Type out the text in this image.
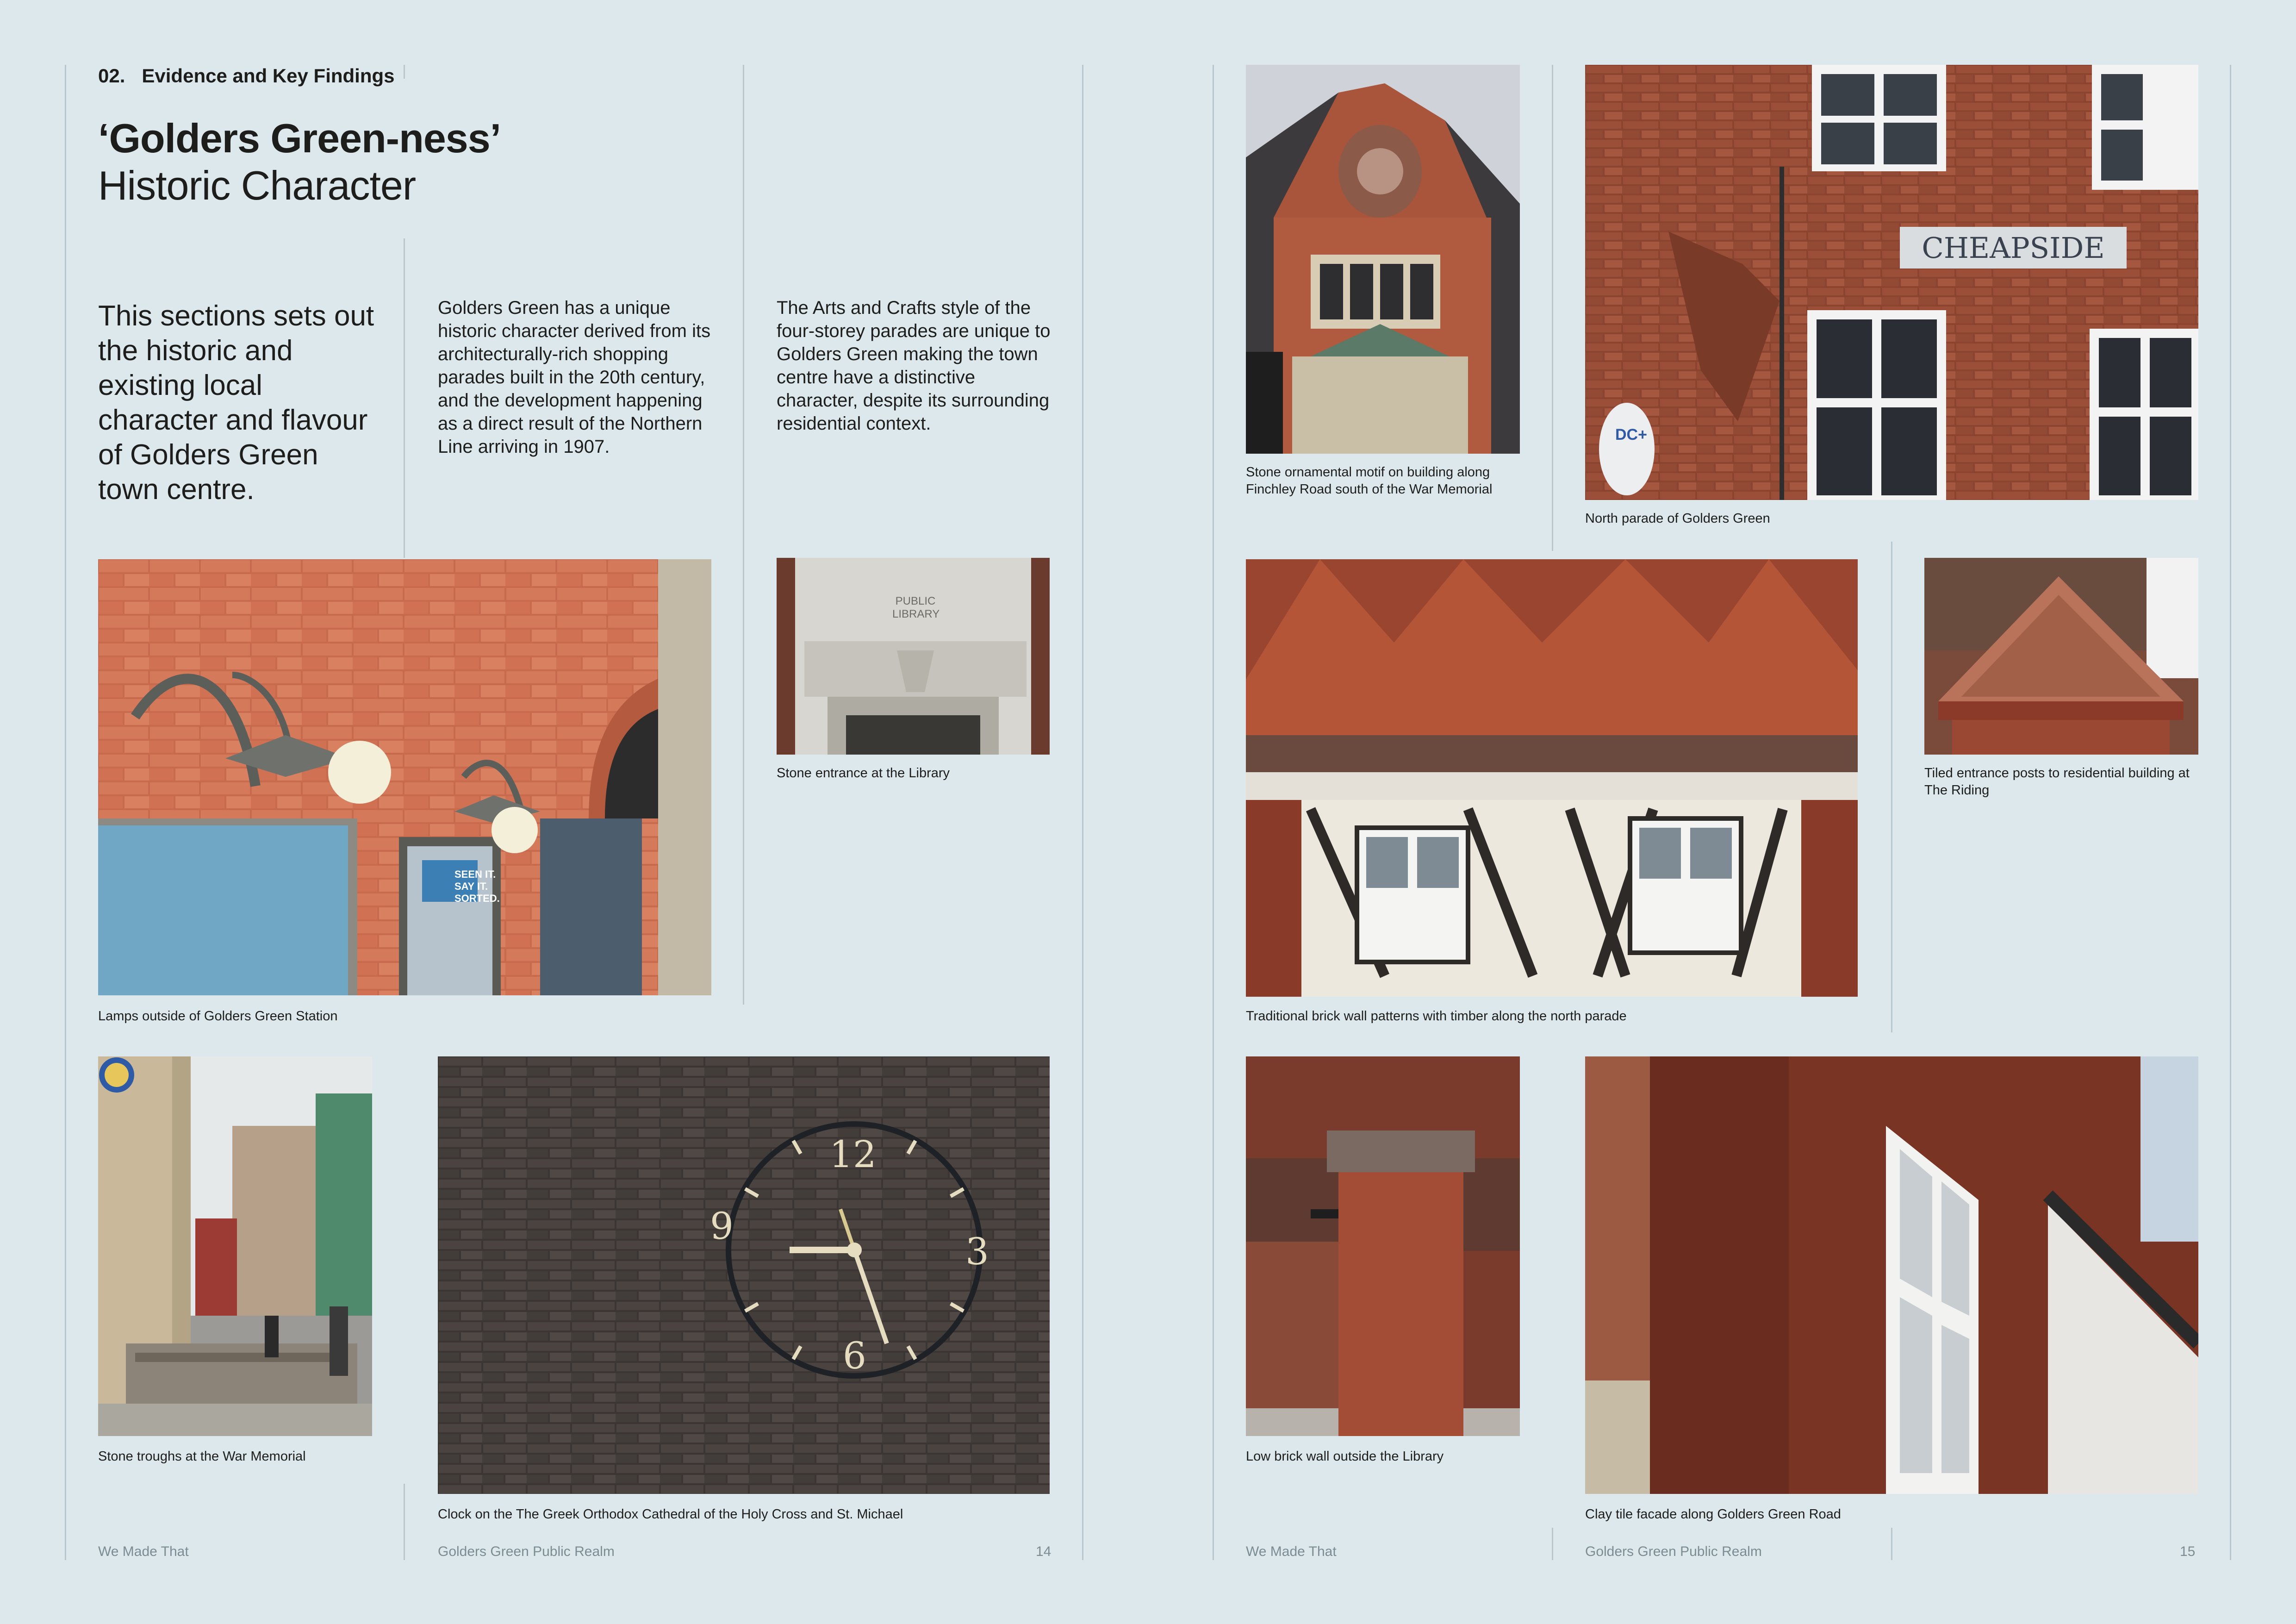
02. Evidence and Key Findings
‘Golders Green-ness’
Historic Character
This sections sets out the historic and existing local character and flavour of Golders Green town centre.
Golders Green has a unique historic character derived from its architecturally-rich shopping parades built in the 20th century, and the development happening as a direct result of the Northern Line arriving in 1907.
The Arts and Crafts style of the four-storey parades are unique to Golders Green making the town centre have a distinctive character, despite its surrounding residential context.
SEEN IT. SAY IT. SORTED.
Lamps outside of Golders Green Station
PUBLIC LIBRARY
Stone entrance at the Library
Stone troughs at the War Memorial
12
3
6
9
Clock on the The Greek Orthodox Cathedral of the Holy Cross and St. Michael
Stone ornamental motif on building along Finchley Road south of the War Memorial
CHEAPSIDE
DC+
North parade of Golders Green
Traditional brick wall patterns with timber along the north parade
Tiled entrance posts to residential building at The Riding
Low brick wall outside the Library
Clay tile facade along Golders Green Road
We Made That	Golders Green Public Realm	14	We Made That	Golders Green Public Realm	15
